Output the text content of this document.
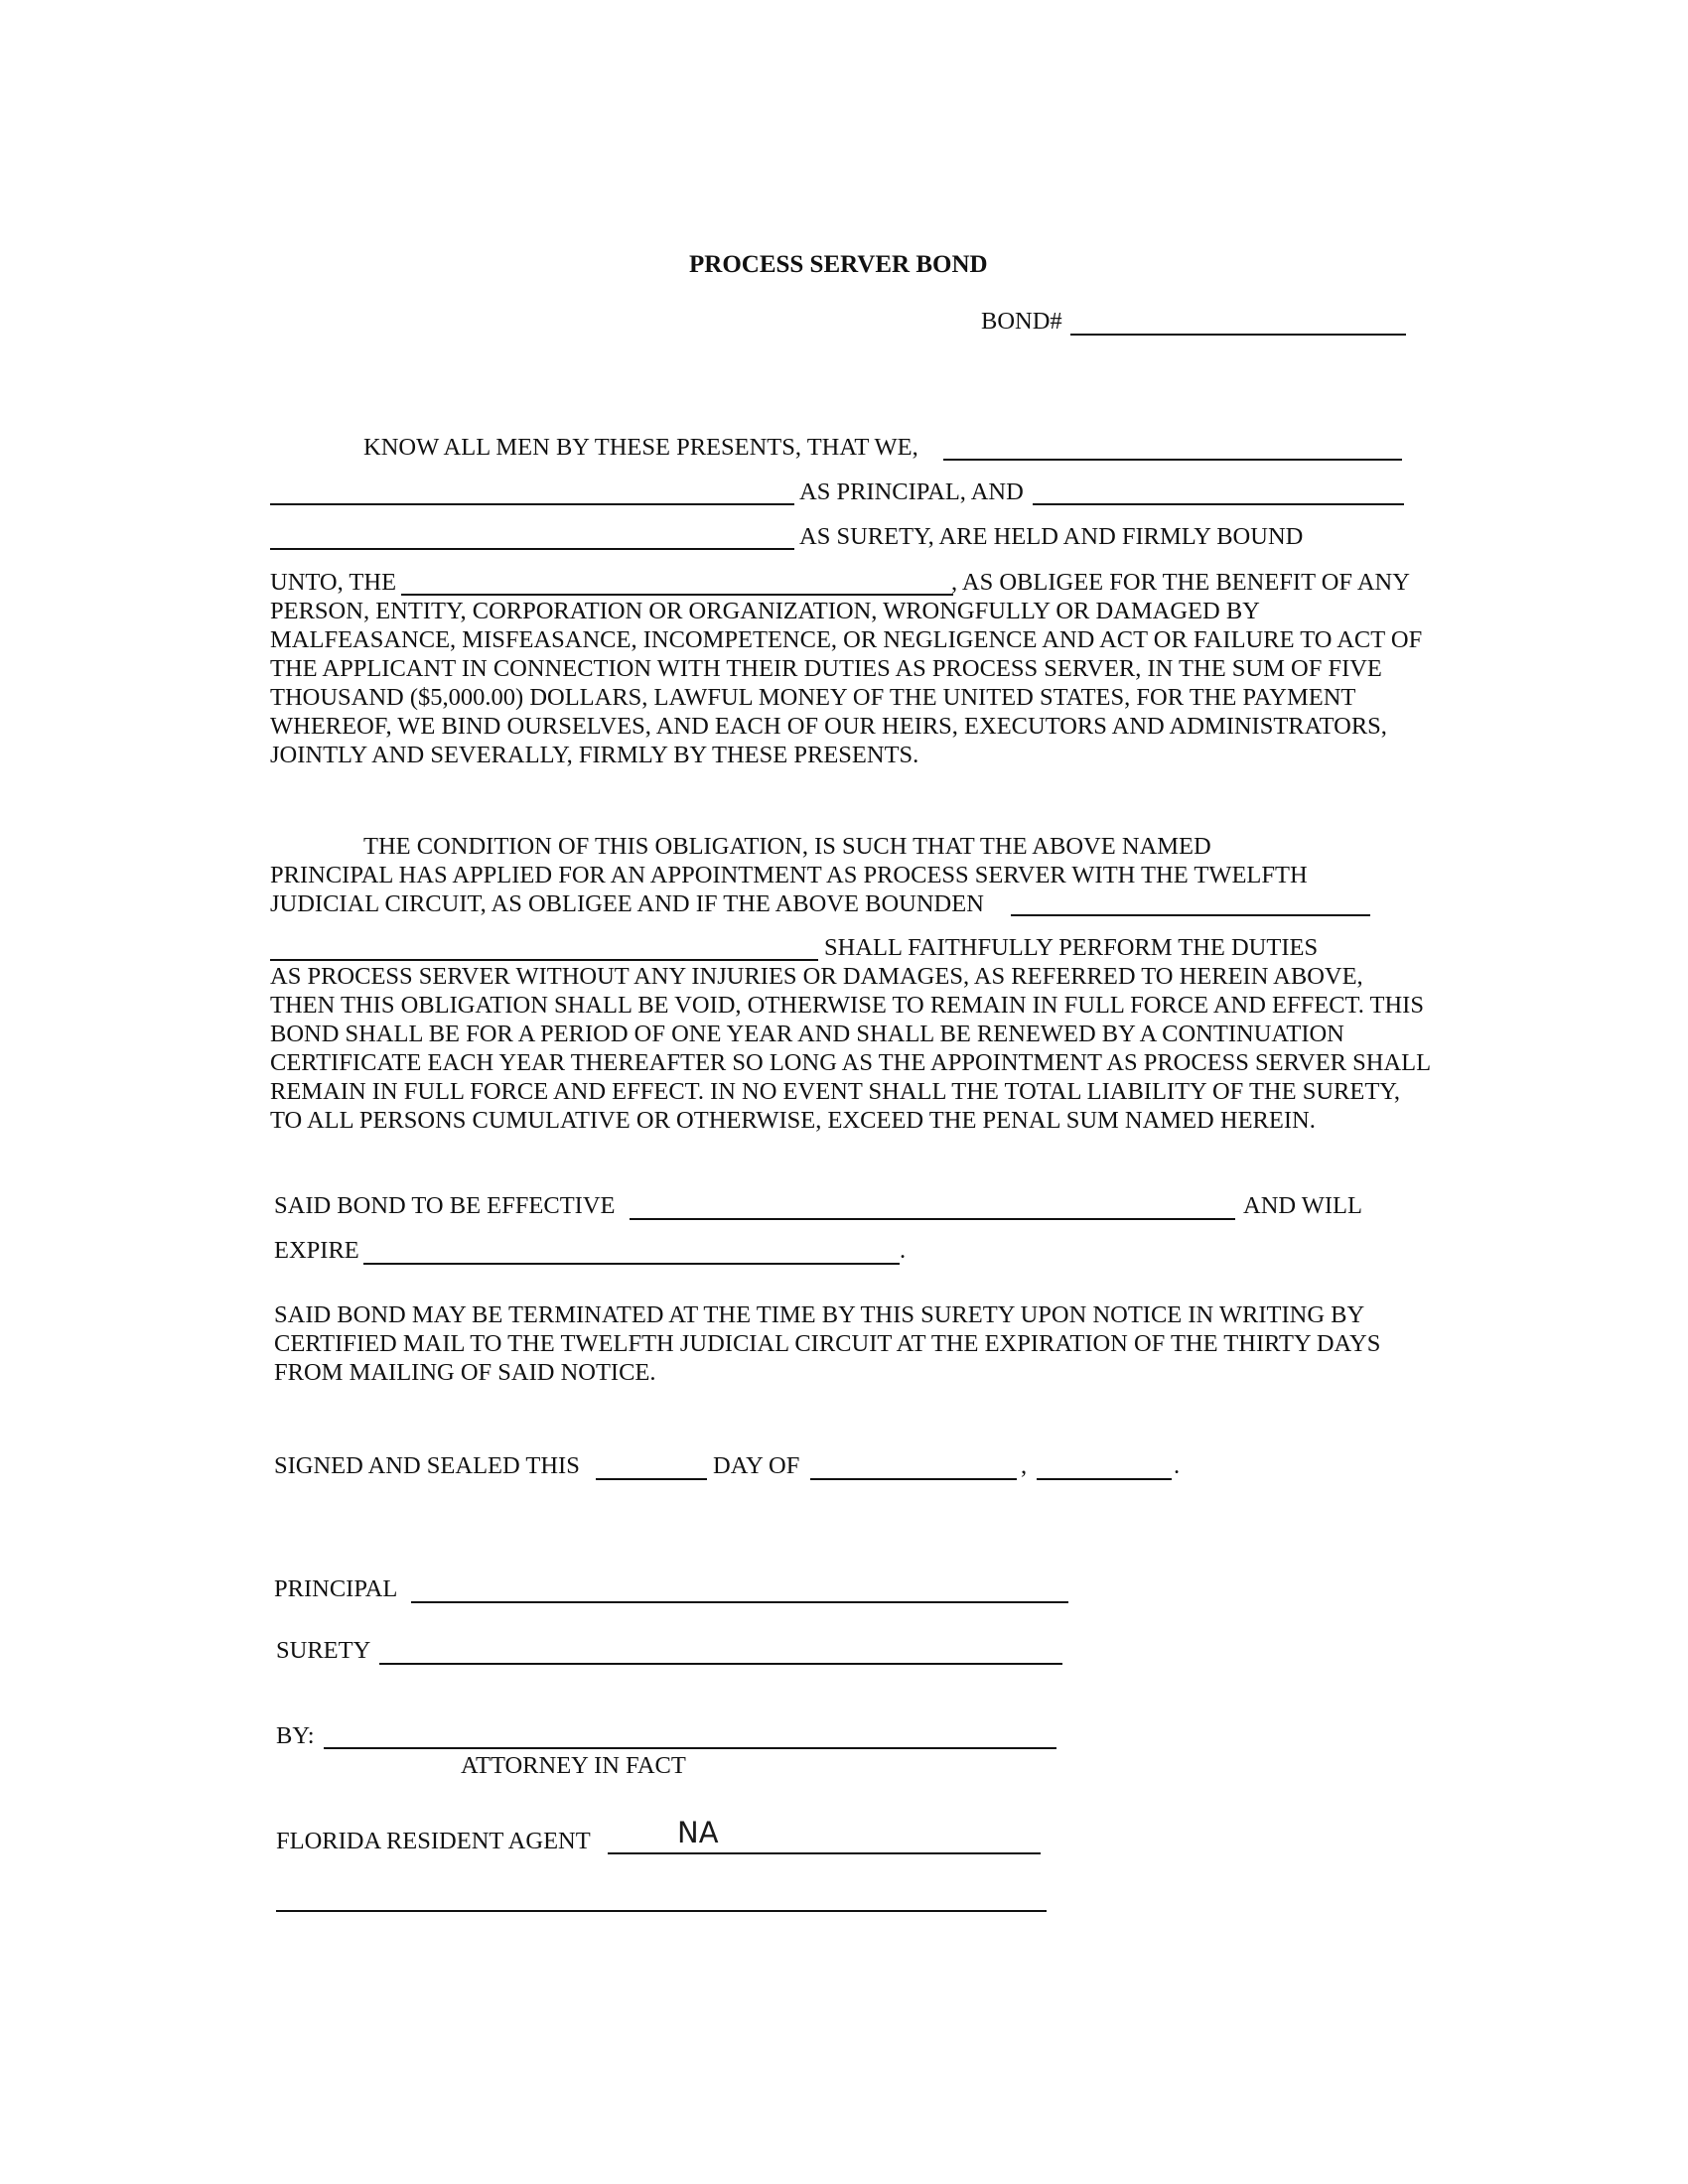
PROCESS SERVER BOND
BOND#
KNOW ALL MEN BY THESE PRESENTS, THAT WE,
AS PRINCIPAL, AND
AS SURETY, ARE HELD AND FIRMLY BOUND
UNTO, THE	, AS OBLIGEE FOR THE BENEFIT OF ANY
PERSON, ENTITY, CORPORATION OR ORGANIZATION, WRONGFULLY OR DAMAGED BY MALFEASANCE, MISFEASANCE, INCOMPETENCE, OR NEGLIGENCE AND ACT OR FAILURE TO ACT OF THE APPLICANT IN CONNECTION WITH THEIR DUTIES AS PROCESS SERVER, IN THE SUM OF FIVE THOUSAND ($5,000.00) DOLLARS, LAWFUL MONEY OF THE UNITED STATES, FOR THE PAYMENT WHEREOF, WE BIND OURSELVES, AND EACH OF OUR HEIRS, EXECUTORS AND ADMINISTRATORS, JOINTLY AND SEVERALLY, FIRMLY BY THESE PRESENTS.
THE CONDITION OF THIS OBLIGATION, IS SUCH THAT THE ABOVE NAMED
PRINCIPAL HAS APPLIED FOR AN APPOINTMENT AS PROCESS SERVER WITH THE TWELFTH
JUDICIAL CIRCUIT, AS OBLIGEE AND IF THE ABOVE BOUNDEN
SHALL FAITHFULLY PERFORM THE DUTIES
AS PROCESS SERVER WITHOUT ANY INJURIES OR DAMAGES, AS REFERRED TO HEREIN ABOVE, THEN THIS OBLIGATION SHALL BE VOID, OTHERWISE TO REMAIN IN FULL FORCE AND EFFECT. THIS BOND SHALL BE FOR A PERIOD OF ONE YEAR AND SHALL BE RENEWED BY A CONTINUATION CERTIFICATE EACH YEAR THEREAFTER SO LONG AS THE APPOINTMENT AS PROCESS SERVER SHALL REMAIN IN FULL FORCE AND EFFECT. IN NO EVENT SHALL THE TOTAL LIABILITY OF THE SURETY, TO ALL PERSONS CUMULATIVE OR OTHERWISE, EXCEED THE PENAL SUM NAMED HEREIN.
SAID BOND TO BE EFFECTIVE	AND WILL
EXPIRE	.
SAID BOND MAY BE TERMINATED AT THE TIME BY THIS SURETY UPON NOTICE IN WRITING BY CERTIFIED MAIL TO THE TWELFTH JUDICIAL CIRCUIT AT THE EXPIRATION OF THE THIRTY DAYS FROM MAILING OF SAID NOTICE.
SIGNED AND SEALED THIS	DAY OF	,	.
PRINCIPAL
SURETY
BY:
ATTORNEY IN FACT
FLORIDA RESIDENT AGENT	NA
